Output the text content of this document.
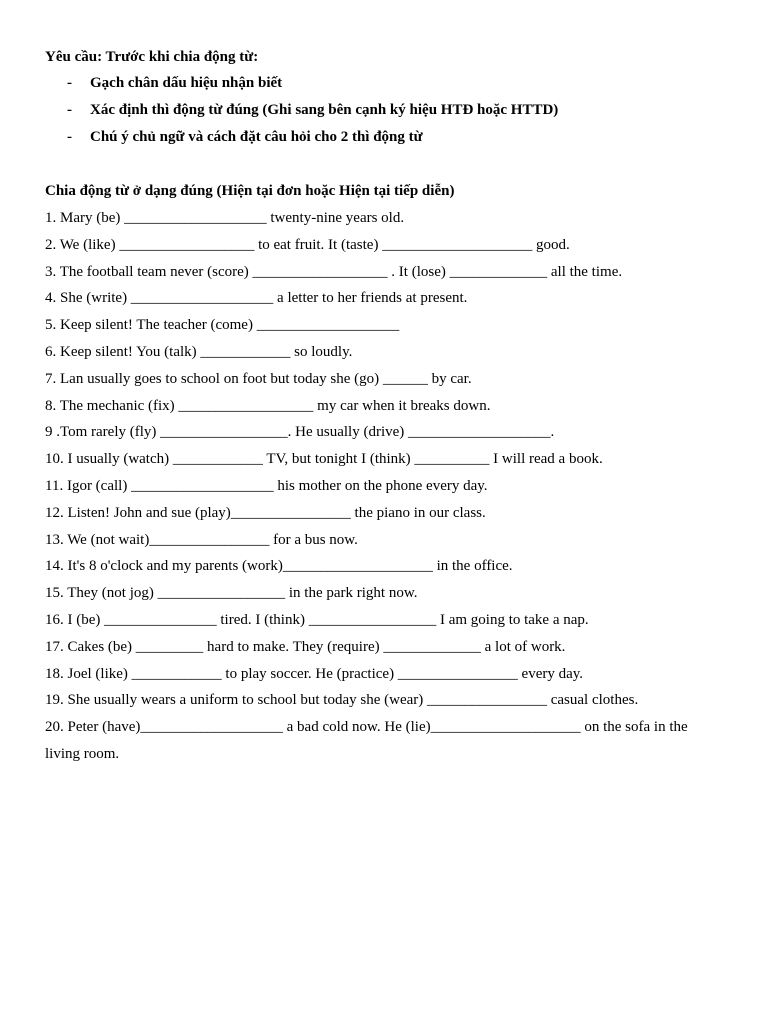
Yêu cầu: Trước khi chia động từ:

-	Gạch chân dấu hiệu nhận biết
-	Xác định thì động từ đúng (Ghi sang bên cạnh ký hiệu HTĐ hoặc HTTD)
-	Chú ý chủ ngữ và cách đặt câu hỏi cho 2 thì động từ

Chia động từ ở dạng đúng (Hiện tại đơn hoặc Hiện tại tiếp diễn)

1. Mary (be) ___________________ twenty-nine years old.
2. We (like) __________________ to eat fruit. It (taste) ____________________ good.
3. The football team never (score) __________________ . It (lose) _____________ all the time.
4. She (write) ___________________ a letter to her friends at present.
5. Keep silent! The teacher (come) ___________________
6. Keep silent! You (talk) ____________ so loudly.
7. Lan usually goes to school on foot but today she (go) ______ by car.
8. The mechanic (fix) __________________ my car when it breaks down.
9 .Tom rarely (fly) _________________. He usually (drive) ___________________.
10. I usually (watch) ____________ TV, but tonight I (think) __________ I will read a book.
11. Igor (call) ___________________ his mother on the phone every day.
12. Listen! John and sue (play)________________ the piano in our class.
13. We (not wait)________________ for a bus now.
14. It's 8 o'clock and my parents (work)____________________ in the office.
15. They (not jog) _________________ in the park right now.
16. I (be) _______________ tired. I (think) _________________ I am going to take a nap.
17. Cakes (be) _________ hard to make. They (require) _____________ a lot of work.
18. Joel (like) ____________ to play soccer. He (practice) ________________ every day.
19. She usually wears a uniform to school but today she (wear) ________________ casual clothes.
20. Peter (have)___________________ a bad cold now. He (lie)____________________ on the sofa in the living room.
